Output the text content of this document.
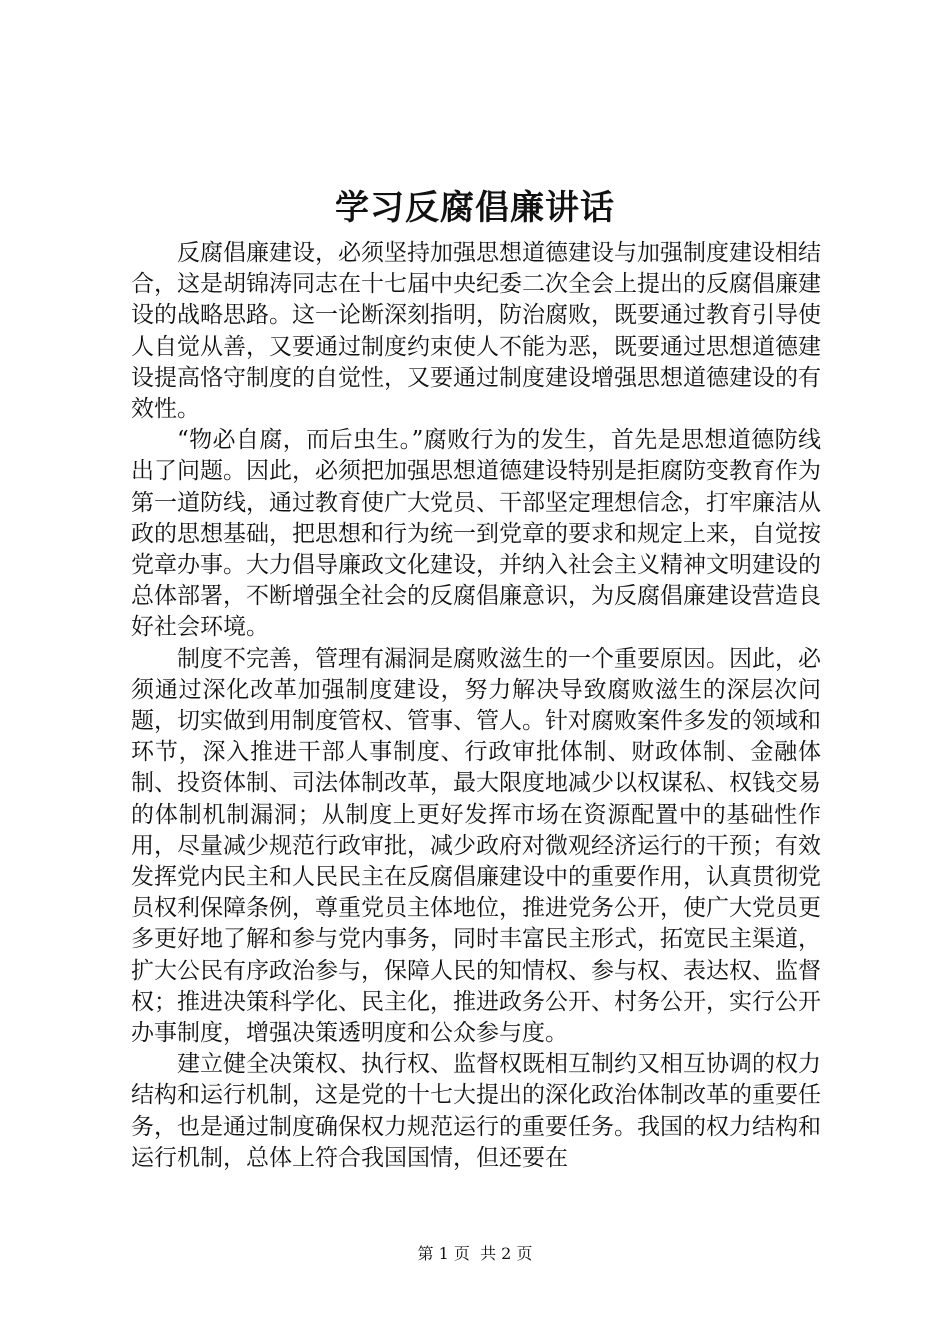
学习反腐倡廉讲话

反腐倡廉建设，必须坚持加强思想道德建设与加强制度建设相结合，这是胡锦涛同志在十七届中央纪委二次全会上提出的反腐倡廉建设的战略思路。这一论断深刻指明，防治腐败，既要通过教育引导使人自觉从善，又要通过制度约束使人不能为恶，既要通过思想道德建设提高恪守制度的自觉性，又要通过制度建设增强思想道德建设的有效性。

“物必自腐，而后虫生。”腐败行为的发生，首先是思想道德防线出了问题。因此，必须把加强思想道德建设特别是拒腐防变教育作为第一道防线，通过教育使广大党员、干部坚定理想信念，打牢廉洁从政的思想基础，把思想和行为统一到党章的要求和规定上来，自觉按党章办事。大力倡导廉政文化建设，并纳入社会主义精神文明建设的总体部署，不断增强全社会的反腐倡廉意识，为反腐倡廉建设营造良好社会环境。

制度不完善，管理有漏洞是腐败滋生的一个重要原因。因此，必须通过深化改革加强制度建设，努力解决导致腐败滋生的深层次问题，切实做到用制度管权、管事、管人。针对腐败案件多发的领域和环节，深入推进干部人事制度、行政审批体制、财政体制、金融体制、投资体制、司法体制改革，最大限度地减少以权谋私、权钱交易的体制机制漏洞；从制度上更好发挥市场在资源配置中的基础性作用，尽量减少规范行政审批，减少政府对微观经济运行的干预；有效发挥党内民主和人民民主在反腐倡廉建设中的重要作用，认真贯彻党员权利保障条例，尊重党员主体地位，推进党务公开，使广大党员更多更好地了解和参与党内事务，同时丰富民主形式，拓宽民主渠道，扩大公民有序政治参与，保障人民的知情权、参与权、表达权、监督权；推进决策科学化、民主化，推进政务公开、村务公开，实行公开办事制度，增强决策透明度和公众参与度。

建立健全决策权、执行权、监督权既相互制约又相互协调的权力结构和运行机制，这是党的十七大提出的深化政治体制改革的重要任务，也是通过制度确保权力规范运行的重要任务。我国的权力结构和运行机制，总体上符合我国国情，但还要在

第 1 页  共 2 页
